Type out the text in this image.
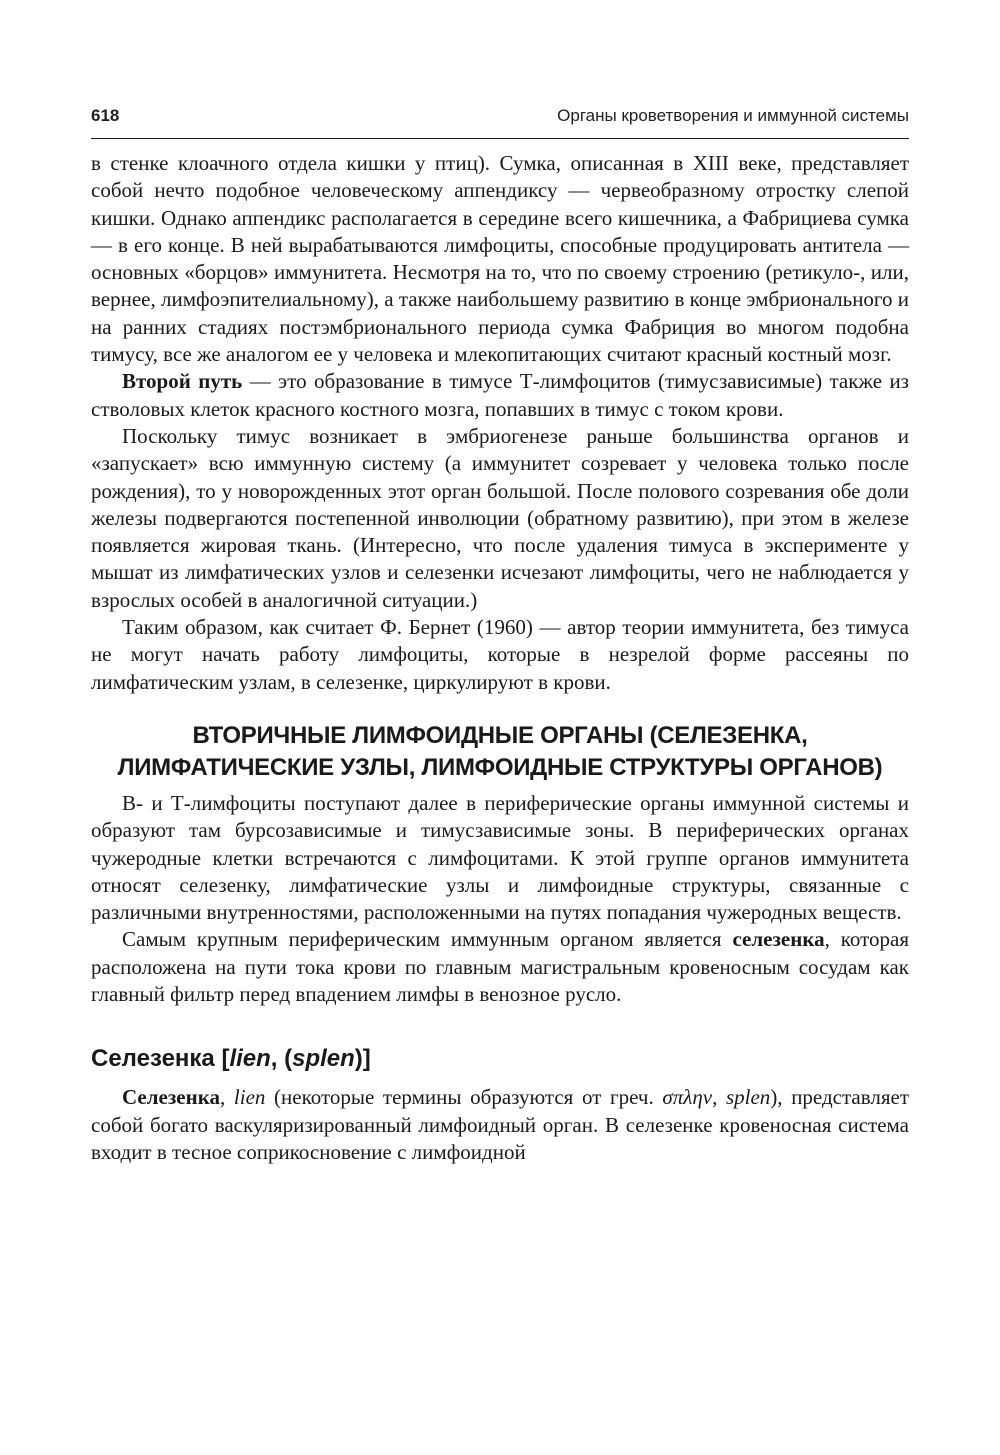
618	Органы кроветворения и иммунной системы

в стенке клоачного отдела кишки у птиц). Сумка, описанная в XIII веке, представляет собой нечто подобное человеческому аппендиксу — червеобразному отростку слепой кишки. Однако аппендикс располагается в середине всего кишечника, а Фабрициева сумка — в его конце. В ней вырабатываются лимфоциты, способные продуцировать антитела — основных «борцов» иммунитета. Несмотря на то, что по своему строению (ретикуло-, или, вернее, лимфоэпителиальному), а также наибольшему развитию в конце эмбрионального и на ранних стадиях постэмбрионального периода сумка Фабриция во многом подобна тимусу, все же аналогом ее у человека и млекопитающих считают красный костный мозг.

Второй путь — это образование в тимусе Т-лимфоцитов (тимусзависимые) также из стволовых клеток красного костного мозга, попавших в тимус с током крови.

Поскольку тимус возникает в эмбриогенезе раньше большинства органов и «запускает» всю иммунную систему (а иммунитет созревает у человека только после рождения), то у новорожденных этот орган большой. После полового созревания обе доли железы подвергаются постепенной инволюции (обратному развитию), при этом в железе появляется жировая ткань. (Интересно, что после удаления тимуса в эксперименте у мышат из лимфатических узлов и селезенки исчезают лимфоциты, чего не наблюдается у взрослых особей в аналогичной ситуации.)

Таким образом, как считает Ф. Бернет (1960) — автор теории иммунитета, без тимуса не могут начать работу лимфоциты, которые в незрелой форме рассеяны по лимфатическим узлам, в селезенке, циркулируют в крови.

ВТОРИЧНЫЕ ЛИМФОИДНЫЕ ОРГАНЫ (СЕЛЕЗЕНКА,
ЛИМФАТИЧЕСКИЕ УЗЛЫ, ЛИМФОИДНЫЕ СТРУКТУРЫ ОРГАНОВ)

В- и Т-лимфоциты поступают далее в периферические органы иммунной системы и образуют там бурсозависимые и тимусзависимые зоны. В периферических органах чужеродные клетки встречаются с лимфоцитами. К этой группе органов иммунитета относят селезенку, лимфатические узлы и лимфоидные структуры, связанные с различными внутренностями, расположенными на путях попадания чужеродных веществ.

Самым крупным периферическим иммунным органом является селезенка, которая расположена на пути тока крови по главным магистральным кровеносным сосудам как главный фильтр перед впадением лимфы в венозное русло.

Селезенка [lien, (splen)]

Селезенка, lien (некоторые термины образуются от греч. σπλην, splen), представляет собой богато васкуляризированный лимфоидный орган. В селезенке кровеносная система входит в тесное соприкосновение с лимфоидной
